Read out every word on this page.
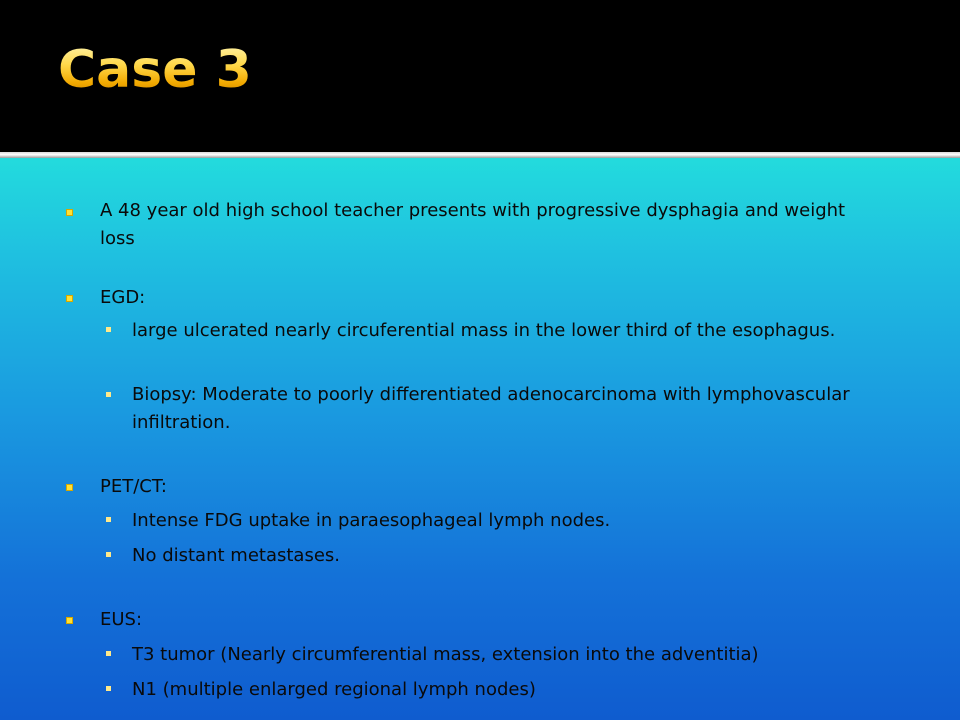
Case 3
A 48 year old high school teacher presents with progressive dysphagia and weight loss
EGD:
large ulcerated nearly circuferential mass in the lower third of the esophagus.
Biopsy: Moderate to poorly differentiated adenocarcinoma with lymphovascular infiltration.
PET/CT:
Intense FDG uptake in paraesophageal lymph nodes.
No distant metastases.
EUS:
T3 tumor (Nearly circumferential mass, extension into the adventitia)
N1 (multiple enlarged regional lymph nodes)
